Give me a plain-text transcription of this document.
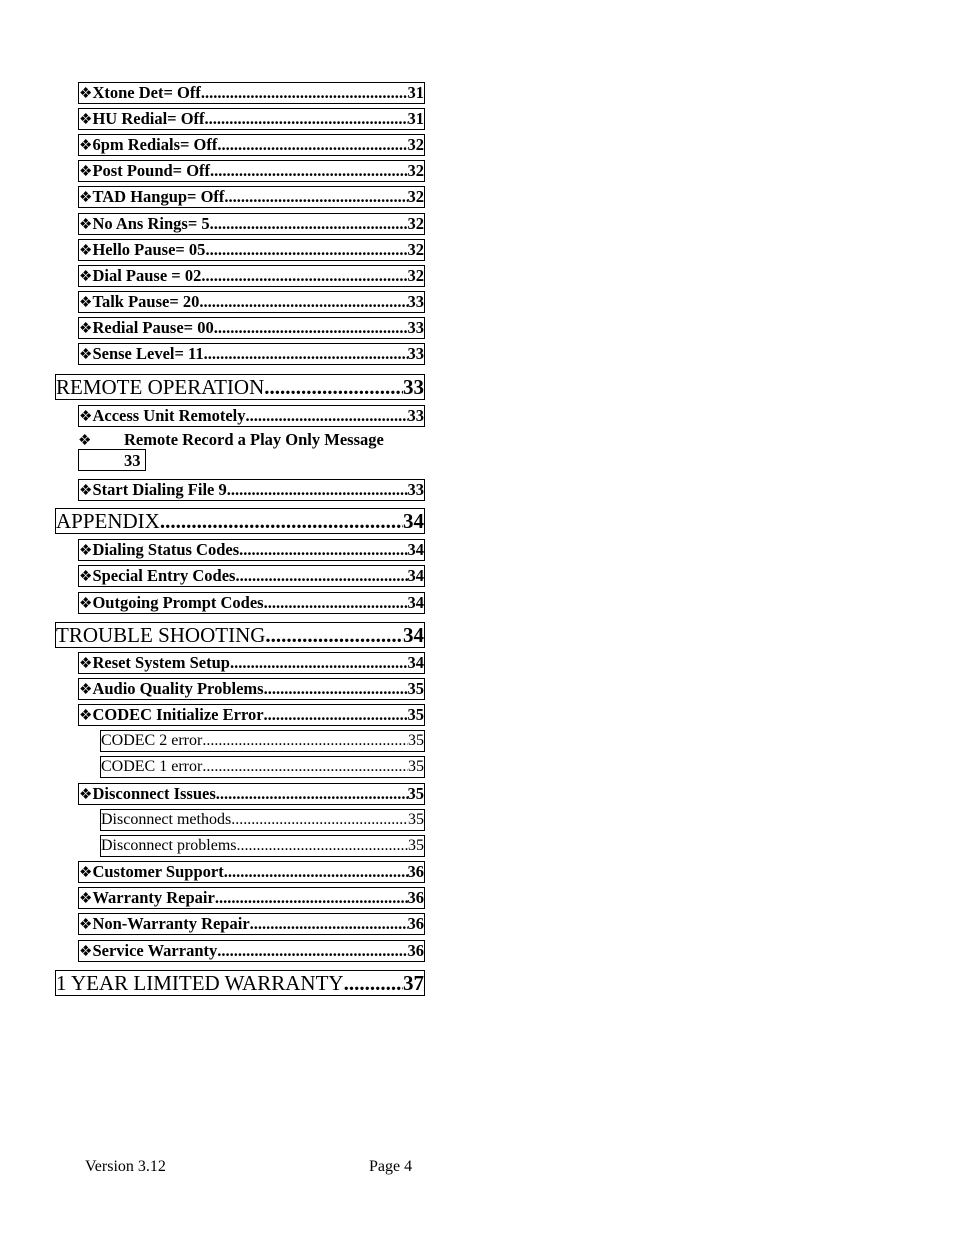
❖ Xtone Det= Off .....	31
❖ HU Redial= Off .....	31
❖ 6pm Redials= Off .....	32
❖ Post Pound= Off .....	32
❖ TAD Hangup= Off .....	32
❖ No Ans Rings= 5 .....	32
❖ Hello Pause= 05 .....	32
❖ Dial Pause = 02 .....	32
❖ Talk Pause= 20 .....	33
❖ Redial Pause= 00 .....	33
❖ Sense Level= 11 .....	33
REMOTE OPERATION .....	33
❖ Access Unit Remotely .....	33
❖ Remote Record a Play Only Message
33
❖ Start Dialing File 9 .....	33
APPENDIX .....	34
❖ Dialing Status Codes .....	34
❖ Special Entry Codes .....	34
❖ Outgoing Prompt Codes .....	34
TROUBLE SHOOTING .....	34
❖ Reset System Setup .....	34
❖ Audio Quality Problems .....	35
❖ CODEC Initialize Error .....	35
CODEC 2 error .....	35
CODEC 1 error .....	35
❖ Disconnect Issues .....	35
Disconnect methods .....	35
Disconnect problems .....	35
❖ Customer Support .....	36
❖ Warranty Repair .....	36
❖ Non-Warranty Repair .....	36
❖ Service Warranty .....	36
1 YEAR LIMITED WARRANTY .....	37
Version 3.12	Page 4
